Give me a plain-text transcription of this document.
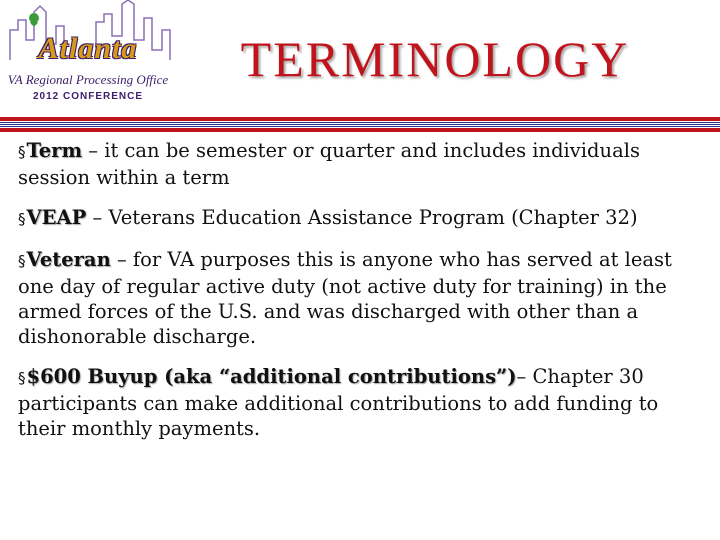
Atlanta
VA Regional Processing Office
2012 CONFERENCE
TERMINOLOGY
§Term – it can be semester or quarter and includes individuals session within a term
§VEAP – Veterans Education Assistance Program (Chapter 32)
§Veteran – for VA purposes this is anyone who has served at least one day of regular active duty (not active duty for training) in the armed forces of the U.S. and was discharged with other than a dishonorable discharge.
§$600 Buyup (aka “additional contributions”)– Chapter 30 participants can make additional contributions to add funding to their monthly payments.
